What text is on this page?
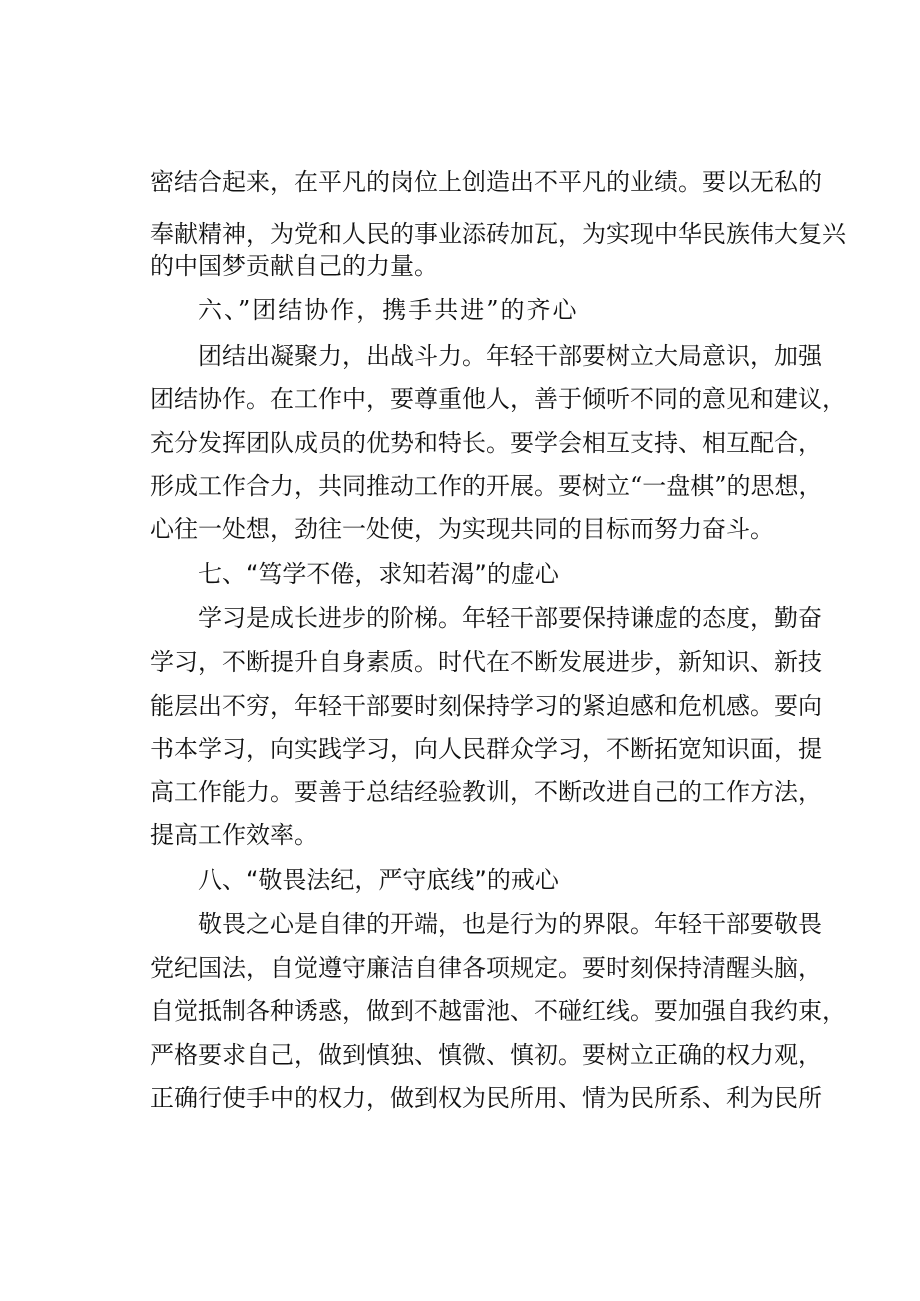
密结合起来，在平凡的岗位上创造出不平凡的业绩。要以无私的
奉献精神，为党和人民的事业添砖加瓦，为实现中华民族伟大复兴
的中国梦贡献自己的力量。
六、”团结协作，携手共进”的齐心
团结出凝聚力，出战斗力。年轻干部要树立大局意识，加强
团结协作。在工作中，要尊重他人，善于倾听不同的意见和建议，
充分发挥团队成员的优势和特长。要学会相互支持、相互配合，
形成工作合力，共同推动工作的开展。要树立“一盘棋”的思想，
心往一处想，劲往一处使，为实现共同的目标而努力奋斗。
七、“笃学不倦，求知若渴”的虚心
学习是成长进步的阶梯。年轻干部要保持谦虚的态度，勤奋
学习，不断提升自身素质。时代在不断发展进步，新知识、新技
能层出不穷，年轻干部要时刻保持学习的紧迫感和危机感。要向
书本学习，向实践学习，向人民群众学习，不断拓宽知识面，提
高工作能力。要善于总结经验教训，不断改进自己的工作方法，
提高工作效率。
八、“敬畏法纪，严守底线”的戒心
敬畏之心是自律的开端，也是行为的界限。年轻干部要敬畏
党纪国法，自觉遵守廉洁自律各项规定。要时刻保持清醒头脑，
自觉抵制各种诱惑，做到不越雷池、不碰红线。要加强自我约束，
严格要求自己，做到慎独、慎微、慎初。要树立正确的权力观，
正确行使手中的权力，做到权为民所用、情为民所系、利为民所
